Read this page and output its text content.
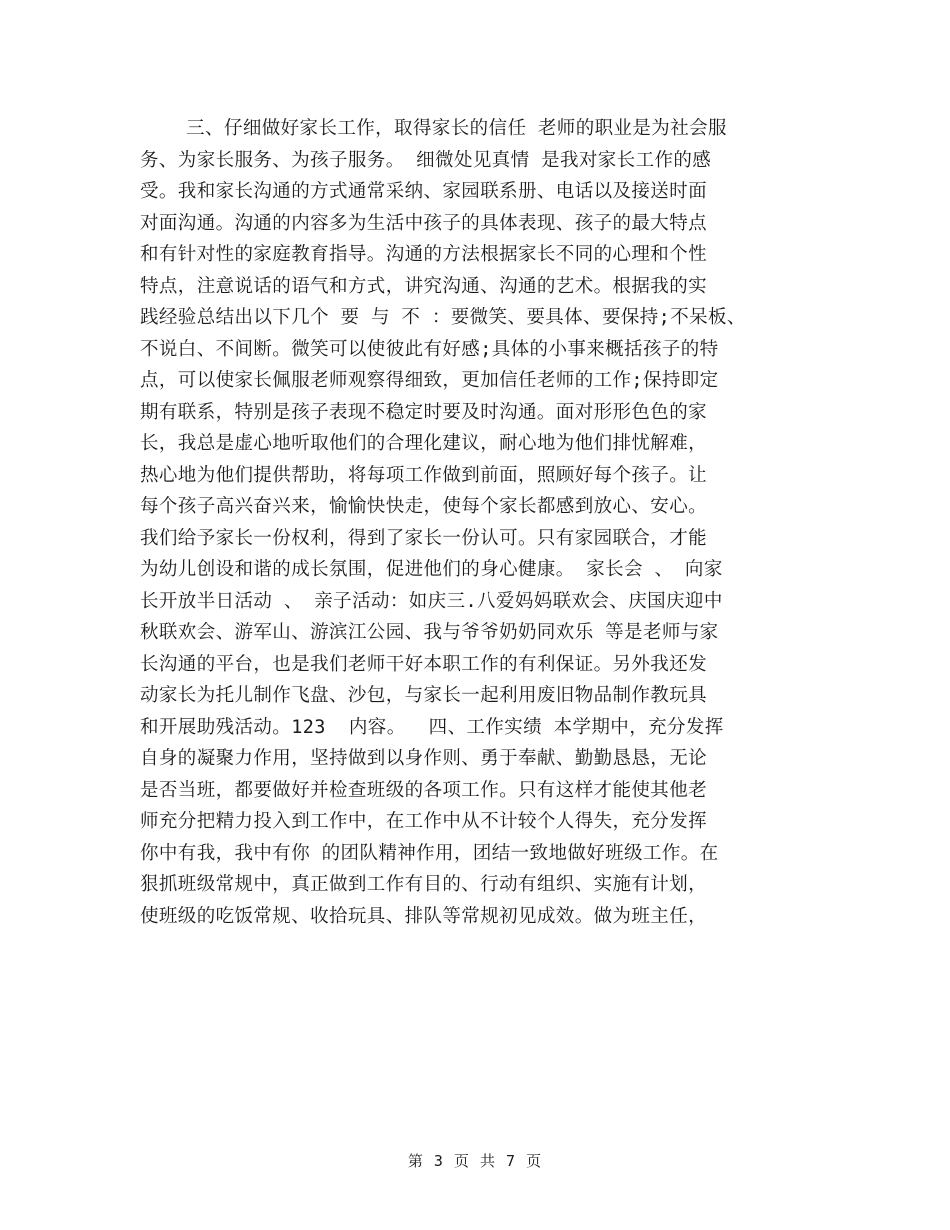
三、仔细做好家长工作，取得家长的信任 老师的职业是为社会服
务、为家长服务、为孩子服务。 细微处见真情 是我对家长工作的感
受。我和家长沟通的方式通常采纳、家园联系册、电话以及接送时面
对面沟通。沟通的内容多为生活中孩子的具体表现、孩子的最大特点
和有针对性的家庭教育指导。沟通的方法根据家长不同的心理和个性
特点，注意说话的语气和方式，讲究沟通、沟通的艺术。根据我的实
践经验总结出以下几个 要 与 不 ：要微笑、要具体、要保持;不呆板、
不说白、不间断。微笑可以使彼此有好感;具体的小事来概括孩子的特
点，可以使家长佩服老师观察得细致，更加信任老师的工作;保持即定
期有联系，特别是孩子表现不稳定时要及时沟通。面对形形色色的家
长，我总是虚心地听取他们的合理化建议，耐心地为他们排忧解难，
热心地为他们提供帮助，将每项工作做到前面，照顾好每个孩子。让
每个孩子高兴奋兴来，愉愉快快走，使每个家长都感到放心、安心。
我们给予家长一份权利，得到了家长一份认可。只有家园联合，才能
为幼儿创设和谐的成长氛围，促进他们的身心健康。 家长会 、 向家
长开放半日活动 、 亲子活动：如庆三.八爱妈妈联欢会、庆国庆迎中
秋联欢会、游军山、游滨江公园、我与爷爷奶奶同欢乐 等是老师与家
长沟通的平台，也是我们老师干好本职工作的有利保证。另外我还发
动家长为托儿制作飞盘、沙包，与家长一起利用废旧物品制作教玩具
和开展助残活动。123  内容。  四、工作实绩 本学期中，充分发挥
自身的凝聚力作用，坚持做到以身作则、勇于奉献、勤勤恳恳，无论
是否当班，都要做好并检查班级的各项工作。只有这样才能使其他老
师充分把精力投入到工作中，在工作中从不计较个人得失，充分发挥
你中有我，我中有你 的团队精神作用，团结一致地做好班级工作。在
狠抓班级常规中，真正做到工作有目的、行动有组织、实施有计划，
使班级的吃饭常规、收拾玩具、排队等常规初见成效。做为班主任，
第 3 页 共 7 页
